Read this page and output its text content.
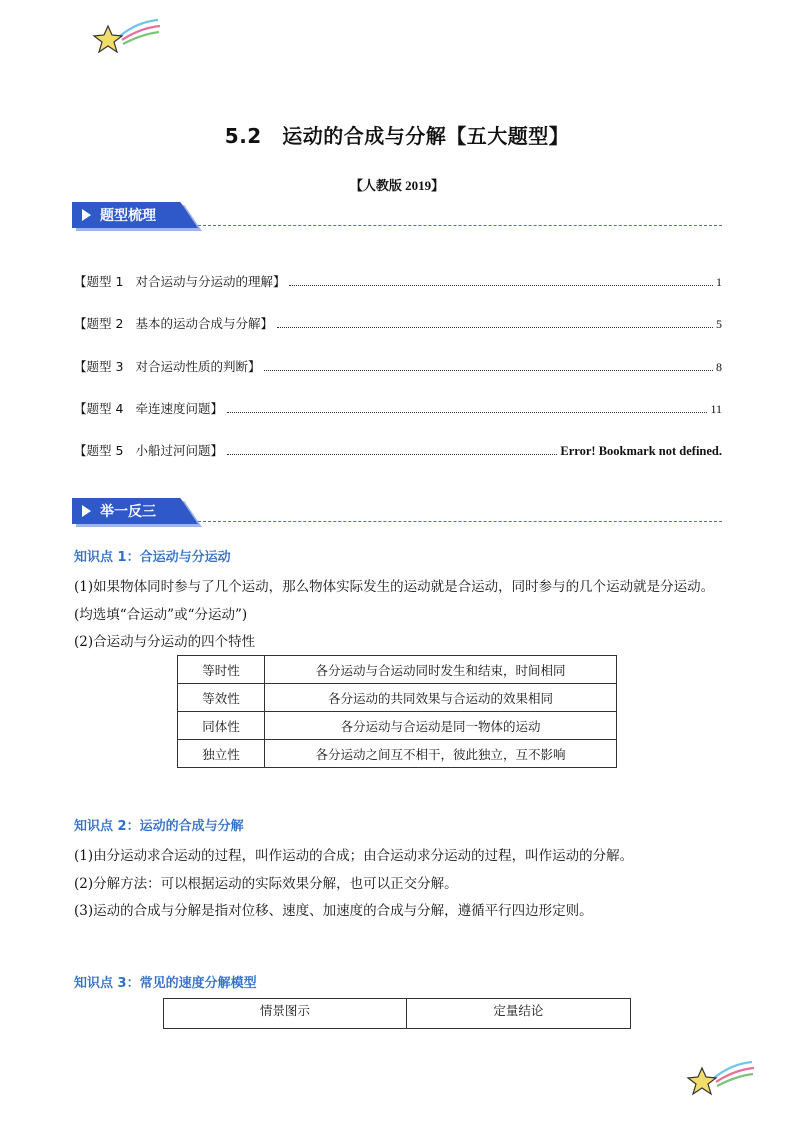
5.2　运动的合成与分解【五大题型】
【人教版 2019】
题型梳理
【题型 1 对合运动与分运动的理解】	1
【题型 2 基本的运动合成与分解】	5
【题型 3 对合运动性质的判断】	8
【题型 4 牵连速度问题】	11
【题型 5 小船过河问题】	Error! Bookmark not defined.
举一反三
知识点 1：合运动与分运动
(1)如果物体同时参与了几个运动，那么物体实际发生的运动就是合运动，同时参与的几个运动就是分运动。
(均选填“合运动”或“分运动”)
(2)合运动与分运动的四个特性
等时性	各分运动与合运动同时发生和结束，时间相同
等效性	各分运动的共同效果与合运动的效果相同
同体性	各分运动与合运动是同一物体的运动
独立性	各分运动之间互不相干，彼此独立，互不影响
知识点 2：运动的合成与分解
(1)由分运动求合运动的过程，叫作运动的合成；由合运动求分运动的过程，叫作运动的分解。
(2)分解方法：可以根据运动的实际效果分解，也可以正交分解。
(3)运动的合成与分解是指对位移、速度、加速度的合成与分解，遵循平行四边形定则。
知识点 3：常见的速度分解模型
情景图示	定量结论
